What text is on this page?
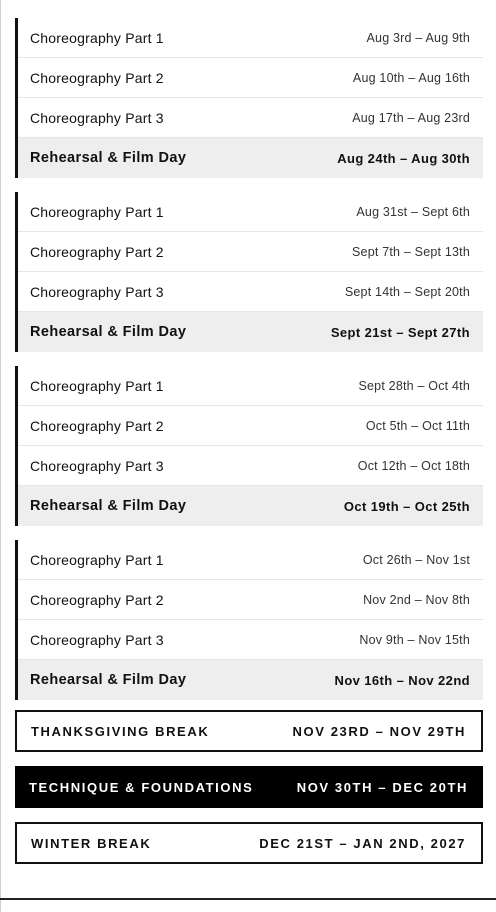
Choreography Part 1	Aug 3rd – Aug 9th
Choreography Part 2	Aug 10th – Aug 16th
Choreography Part 3	Aug 17th – Aug 23rd
Rehearsal & Film Day	Aug 24th – Aug 30th
Choreography Part 1	Aug 31st – Sept 6th
Choreography Part 2	Sept 7th – Sept 13th
Choreography Part 3	Sept 14th – Sept 20th
Rehearsal & Film Day	Sept 21st – Sept 27th
Choreography Part 1	Sept 28th – Oct 4th
Choreography Part 2	Oct 5th – Oct 11th
Choreography Part 3	Oct 12th – Oct 18th
Rehearsal & Film Day	Oct 19th – Oct 25th
Choreography Part 1	Oct 26th – Nov 1st
Choreography Part 2	Nov 2nd – Nov 8th
Choreography Part 3	Nov 9th – Nov 15th
Rehearsal & Film Day	Nov 16th – Nov 22nd
THANKSGIVING BREAK	NOV 23RD – NOV 29TH
TECHNIQUE & FOUNDATIONS	NOV 30TH – DEC 20TH
WINTER BREAK	DEC 21ST – JAN 2ND, 2027
